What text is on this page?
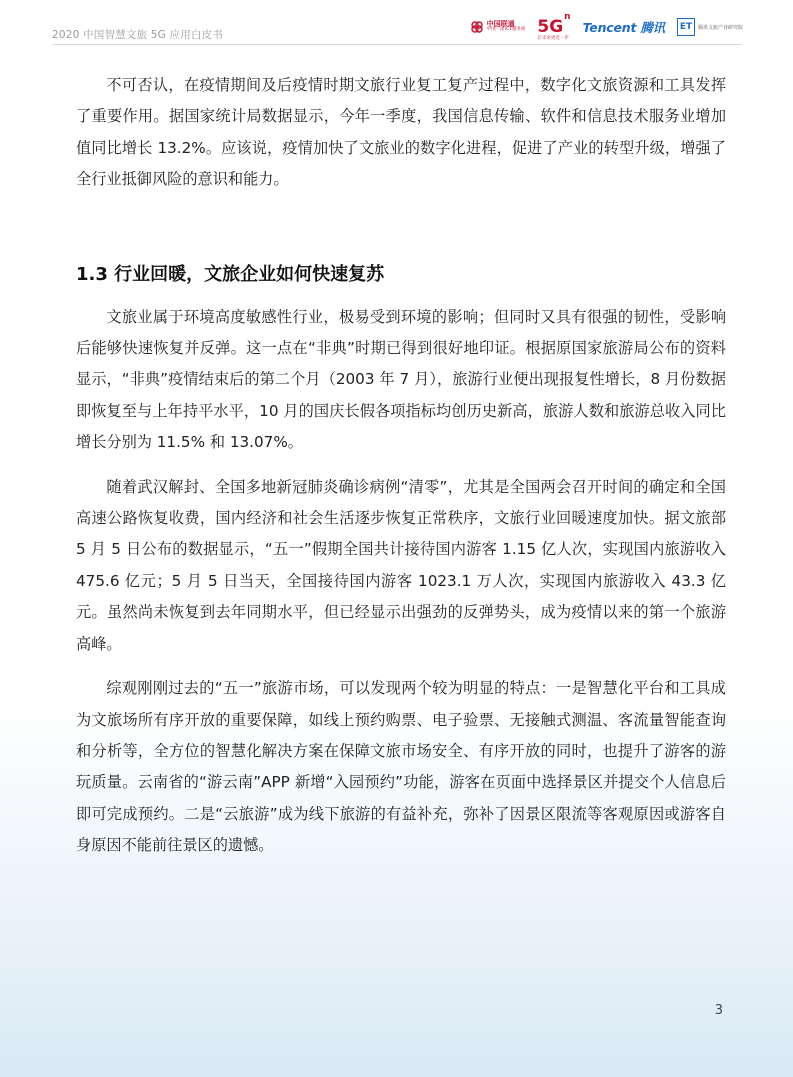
2020 中国智慧文旅 5G 应用白皮书
中国联通
中国一流ICT服务商 $5G^n$
让未来更近一步
Tencent 腾讯	ET	腾讯文旅产业研究院

不可否认，在疫情期间及后疫情时期文旅行业复工复产过程中，数字化文旅资源和工具发挥了重要作用。据国家统计局数据显示，今年一季度，我国信息传输、软件和信息技术服务业增加值同比增长 13.2%。应该说，疫情加快了文旅业的数字化进程，促进了产业的转型升级，增强了全行业抵御风险的意识和能力。

1.3 行业回暖，文旅企业如何快速复苏

文旅业属于环境高度敏感性行业，极易受到环境的影响；但同时又具有很强的韧性，受影响后能够快速恢复并反弹。这一点在“非典”时期已得到很好地印证。根据原国家旅游局公布的资料显示，“非典”疫情结束后的第二个月（2003 年 7 月），旅游行业便出现报复性增长，8 月份数据即恢复至与上年持平水平，10 月的国庆长假各项指标均创历史新高，旅游人数和旅游总收入同比增长分别为 11.5% 和 13.07%。

随着武汉解封、全国多地新冠肺炎确诊病例“清零”，尤其是全国两会召开时间的确定和全国高速公路恢复收费，国内经济和社会生活逐步恢复正常秩序，文旅行业回暖速度加快。据文旅部 5 月 5 日公布的数据显示，“五一”假期全国共计接待国内游客 1.15 亿人次，实现国内旅游收入 475.6 亿元；5 月 5 日当天，全国接待国内游客 1023.1 万人次，实现国内旅游收入 43.3 亿元。虽然尚未恢复到去年同期水平，但已经显示出强劲的反弹势头，成为疫情以来的第一个旅游高峰。

综观刚刚过去的“五一”旅游市场，可以发现两个较为明显的特点：一是智慧化平台和工具成为文旅场所有序开放的重要保障，如线上预约购票、电子验票、无接触式测温、客流量智能查询和分析等，全方位的智慧化解决方案在保障文旅市场安全、有序开放的同时，也提升了游客的游玩质量。云南省的“游云南”APP 新增“入园预约”功能，游客在页面中选择景区并提交个人信息后即可完成预约。二是“云旅游”成为线下旅游的有益补充，弥补了因景区限流等客观原因或游客自身原因不能前往景区的遗憾。

3
